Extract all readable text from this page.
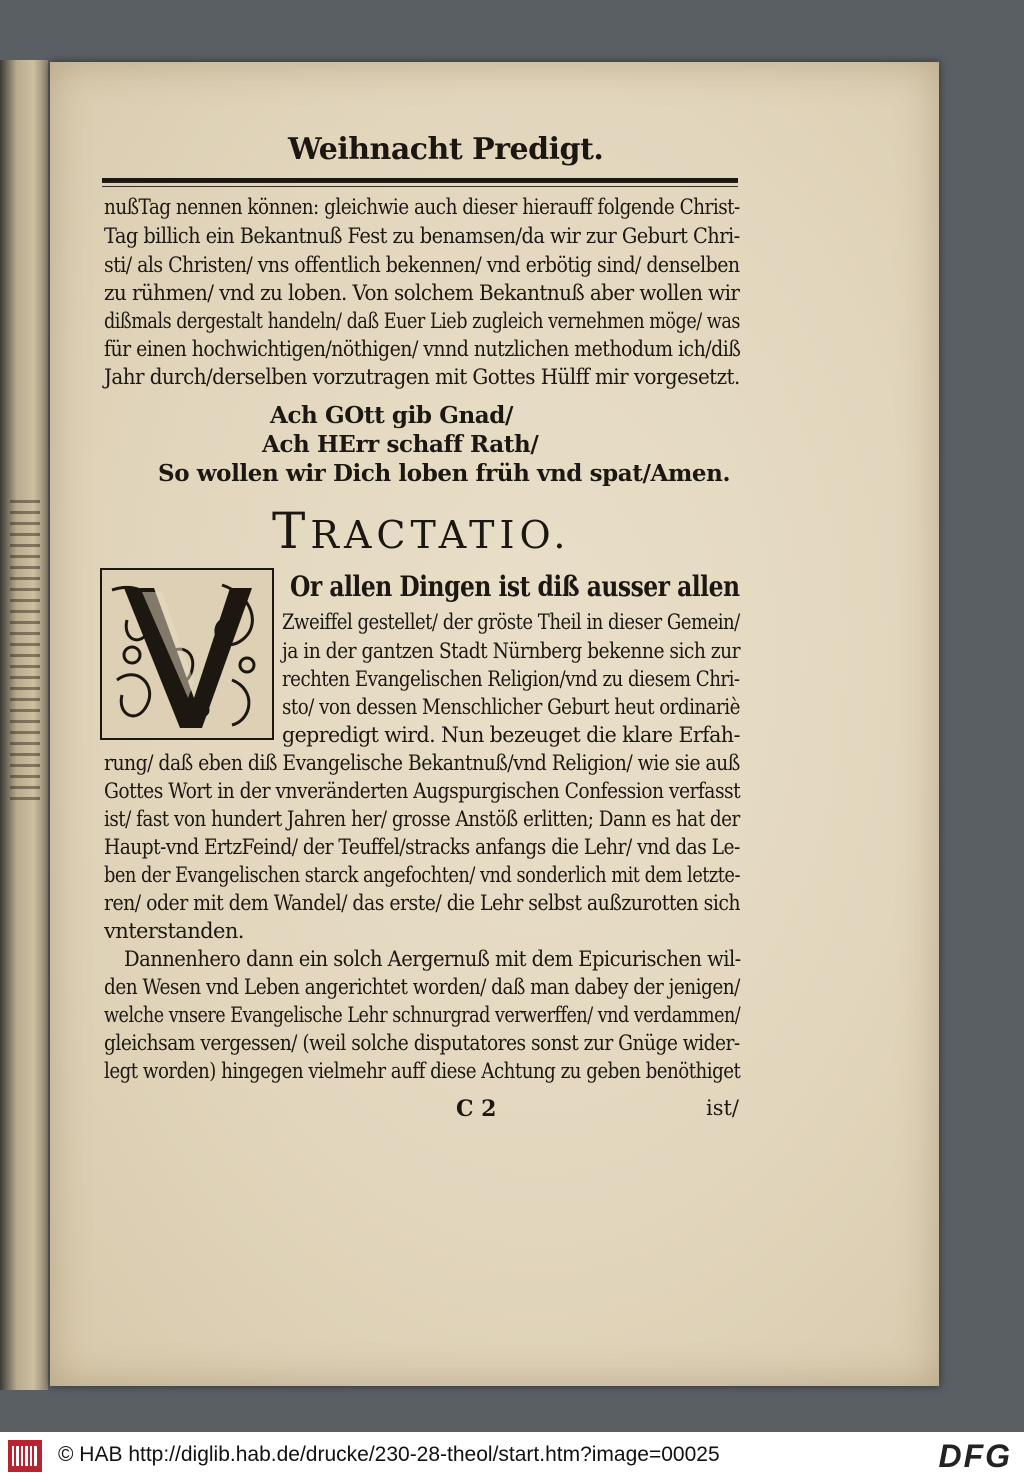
Weihnacht Predigt.
nußTag nennen können: gleichwie auch dieser hierauff folgende Christ-
Tag billich ein Bekantnuß Fest zu benamsen/da wir zur Geburt Chri-
sti/ als Christen/ vns offentlich bekennen/ vnd erbötig sind/ denselben
zu rühmen/ vnd zu loben. Von solchem Bekantnuß aber wollen wir
dißmals dergestalt handeln/ daß Euer Lieb zugleich vernehmen möge/ was
für einen hochwichtigen/nöthigen/ vnnd nutzlichen methodum ich/diß
Jahr durch/derselben vorzutragen mit Gottes Hülff mir vorgesetzt.
Ach GOtt gib Gnad/
Ach HErr schaff Rath/
So wollen wir Dich loben früh vnd spat/Amen.
TRACTATIO.
Or allen Dingen ist diß ausser allen
Zweiffel gestellet/ der gröste Theil in dieser Gemein/
ja in der gantzen Stadt Nürnberg bekenne sich zur
rechten Evangelischen Religion/vnd zu diesem Chri-
sto/ von dessen Menschlicher Geburt heut ordinariè
gepredigt wird. Nun bezeuget die klare Erfah-
rung/ daß eben diß Evangelische Bekantnuß/vnd Religion/ wie sie auß
Gottes Wort in der vnveränderten Augspurgischen Confession verfasst
ist/ fast von hundert Jahren her/ grosse Anstöß erlitten; Dann es hat der
Haupt-vnd ErtzFeind/ der Teuffel/stracks anfangs die Lehr/ vnd das Le-
ben der Evangelischen starck angefochten/ vnd sonderlich mit dem letzte-
ren/ oder mit dem Wandel/ das erste/ die Lehr selbst außzurotten sich
vnterstanden.
Dannenhero dann ein solch Aergernuß mit dem Epicurischen wil-
den Wesen vnd Leben angerichtet worden/ daß man dabey der jenigen/
welche vnsere Evangelische Lehr schnurgrad verwerffen/ vnd verdammen/
gleichsam vergessen/ (weil solche disputatores sonst zur Gnüge wider-
legt worden) hingegen vielmehr auff diese Achtung zu geben benöthiget
C 2	ist/
© HAB http://diglib.hab.de/drucke/230-28-theol/start.htm?image=00025	DFG
